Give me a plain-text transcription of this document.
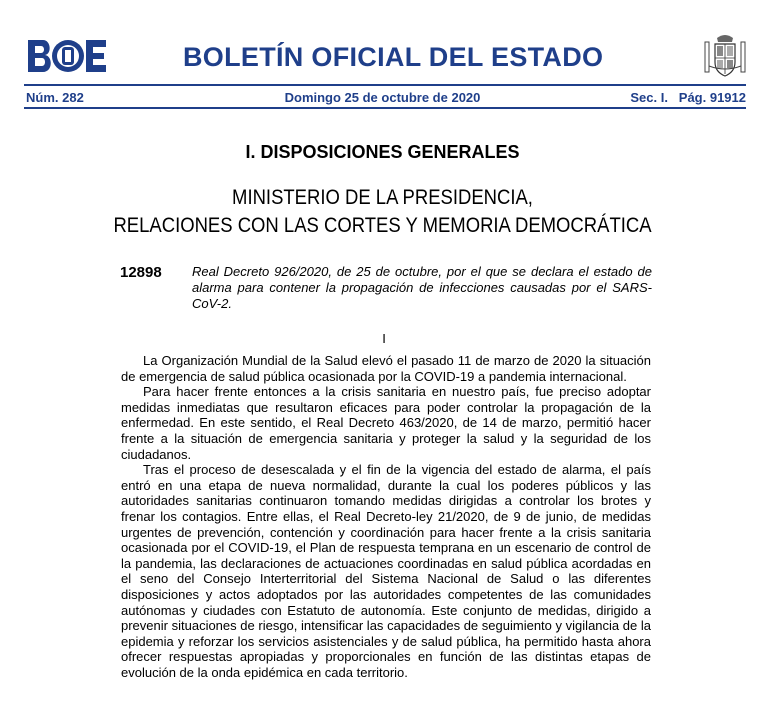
BOLETÍN OFICIAL DEL ESTADO
Núm. 282	Domingo 25 de octubre de 2020	Sec. I.   Pág. 91912
I. DISPOSICIONES GENERALES
MINISTERIO DE LA PRESIDENCIA,
RELACIONES CON LAS CORTES Y MEMORIA DEMOCRÁTICA
12898 Real Decreto 926/2020, de 25 de octubre, por el que se declara el estado de alarma para contener la propagación de infecciones causadas por el SARS-CoV-2.
I

La Organización Mundial de la Salud elevó el pasado 11 de marzo de 2020 la situación de emergencia de salud pública ocasionada por la COVID-19 a pandemia internacional.

Para hacer frente entonces a la crisis sanitaria en nuestro país, fue preciso adoptar medidas inmediatas que resultaron eficaces para poder controlar la propagación de la enfermedad. En este sentido, el Real Decreto 463/2020, de 14 de marzo, permitió hacer frente a la situación de emergencia sanitaria y proteger la salud y la seguridad de los ciudadanos.

Tras el proceso de desescalada y el fin de la vigencia del estado de alarma, el país entró en una etapa de nueva normalidad, durante la cual los poderes públicos y las autoridades sanitarias continuaron tomando medidas dirigidas a controlar los brotes y frenar los contagios. Entre ellas, el Real Decreto-ley 21/2020, de 9 de junio, de medidas urgentes de prevención, contención y coordinación para hacer frente a la crisis sanitaria ocasionada por el COVID-19, el Plan de respuesta temprana en un escenario de control de la pandemia, las declaraciones de actuaciones coordinadas en salud pública acordadas en el seno del Consejo Interterritorial del Sistema Nacional de Salud o las diferentes disposiciones y actos adoptados por las autoridades competentes de las comunidades autónomas y ciudades con Estatuto de autonomía. Este conjunto de medidas, dirigido a prevenir situaciones de riesgo, intensificar las capacidades de seguimiento y vigilancia de la epidemia y reforzar los servicios asistenciales y de salud pública, ha permitido hasta ahora ofrecer respuestas apropiadas y proporcionales en función de las distintas etapas de evolución de la onda epidémica en cada territorio.
